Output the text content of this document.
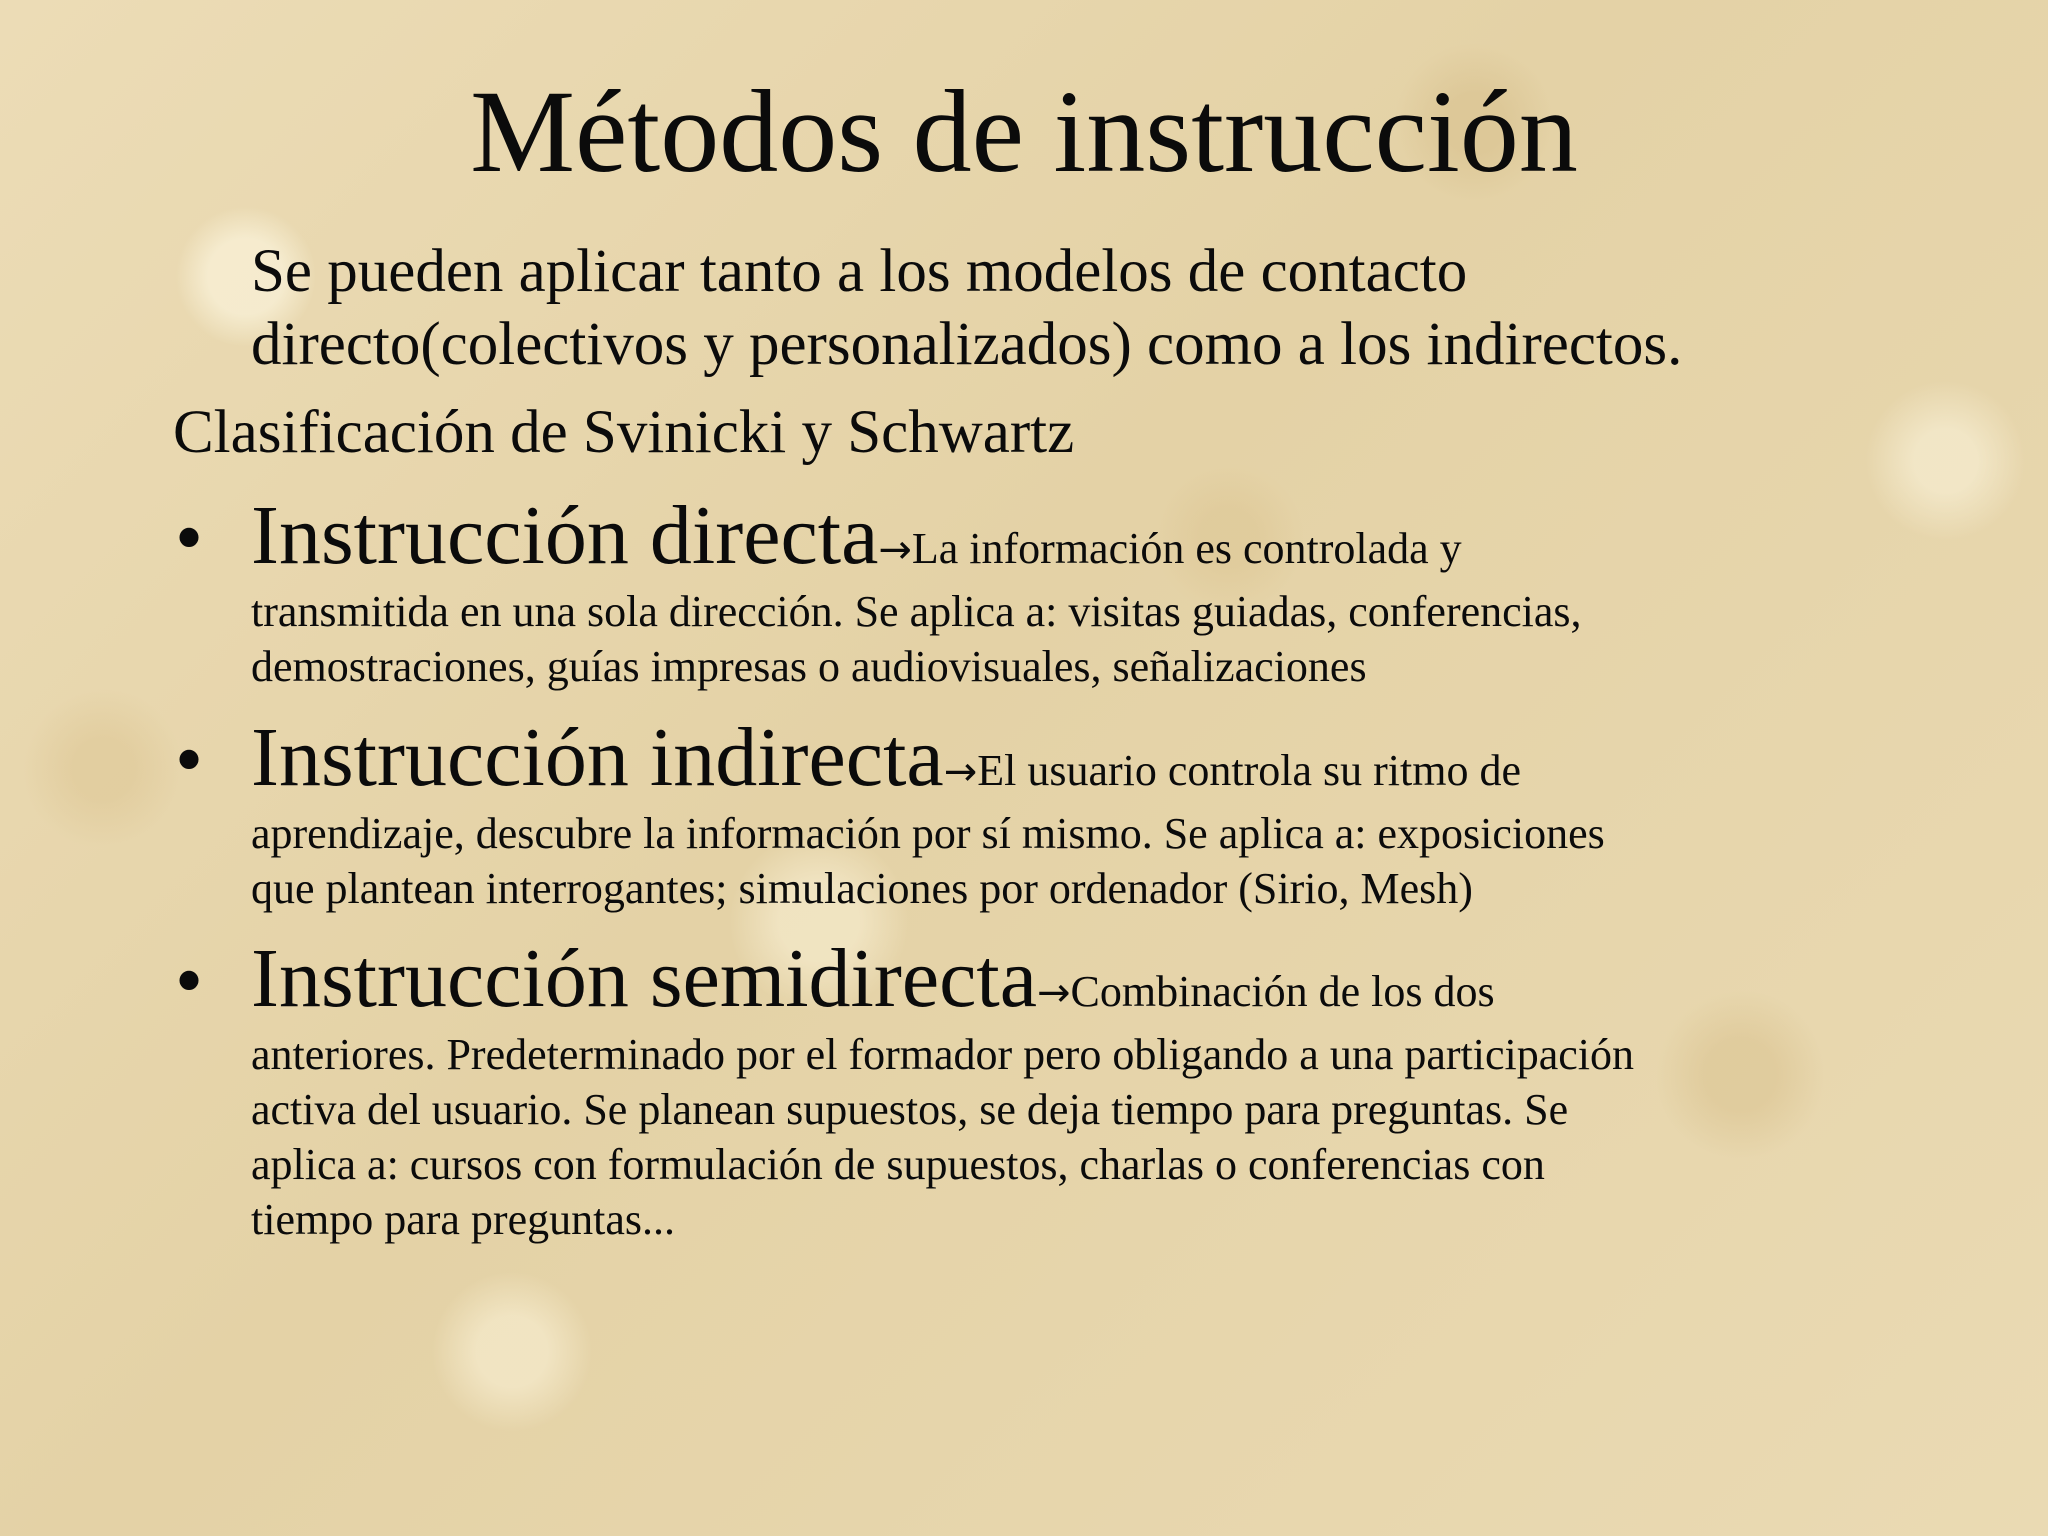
Métodos de instrucción

Se pueden aplicar tanto a los modelos de contacto
directo(colectivos y personalizados) como a los indirectos.

Clasificación de Svinicki y Schwartz

• Instrucción directa→La información es controlada y
transmitida en una sola dirección. Se aplica a: visitas guiadas, conferencias,
demostraciones, guías impresas o audiovisuales, señalizaciones
• Instrucción indirecta→El usuario controla su ritmo de
aprendizaje, descubre la información por sí mismo. Se aplica a: exposiciones
que plantean interrogantes; simulaciones por ordenador (Sirio, Mesh)
• Instrucción semidirecta→Combinación de los dos
anteriores. Predeterminado por el formador pero obligando a una participación
activa del usuario. Se planean supuestos, se deja tiempo para preguntas. Se
aplica a: cursos con formulación de supuestos, charlas o conferencias con
tiempo para preguntas...
